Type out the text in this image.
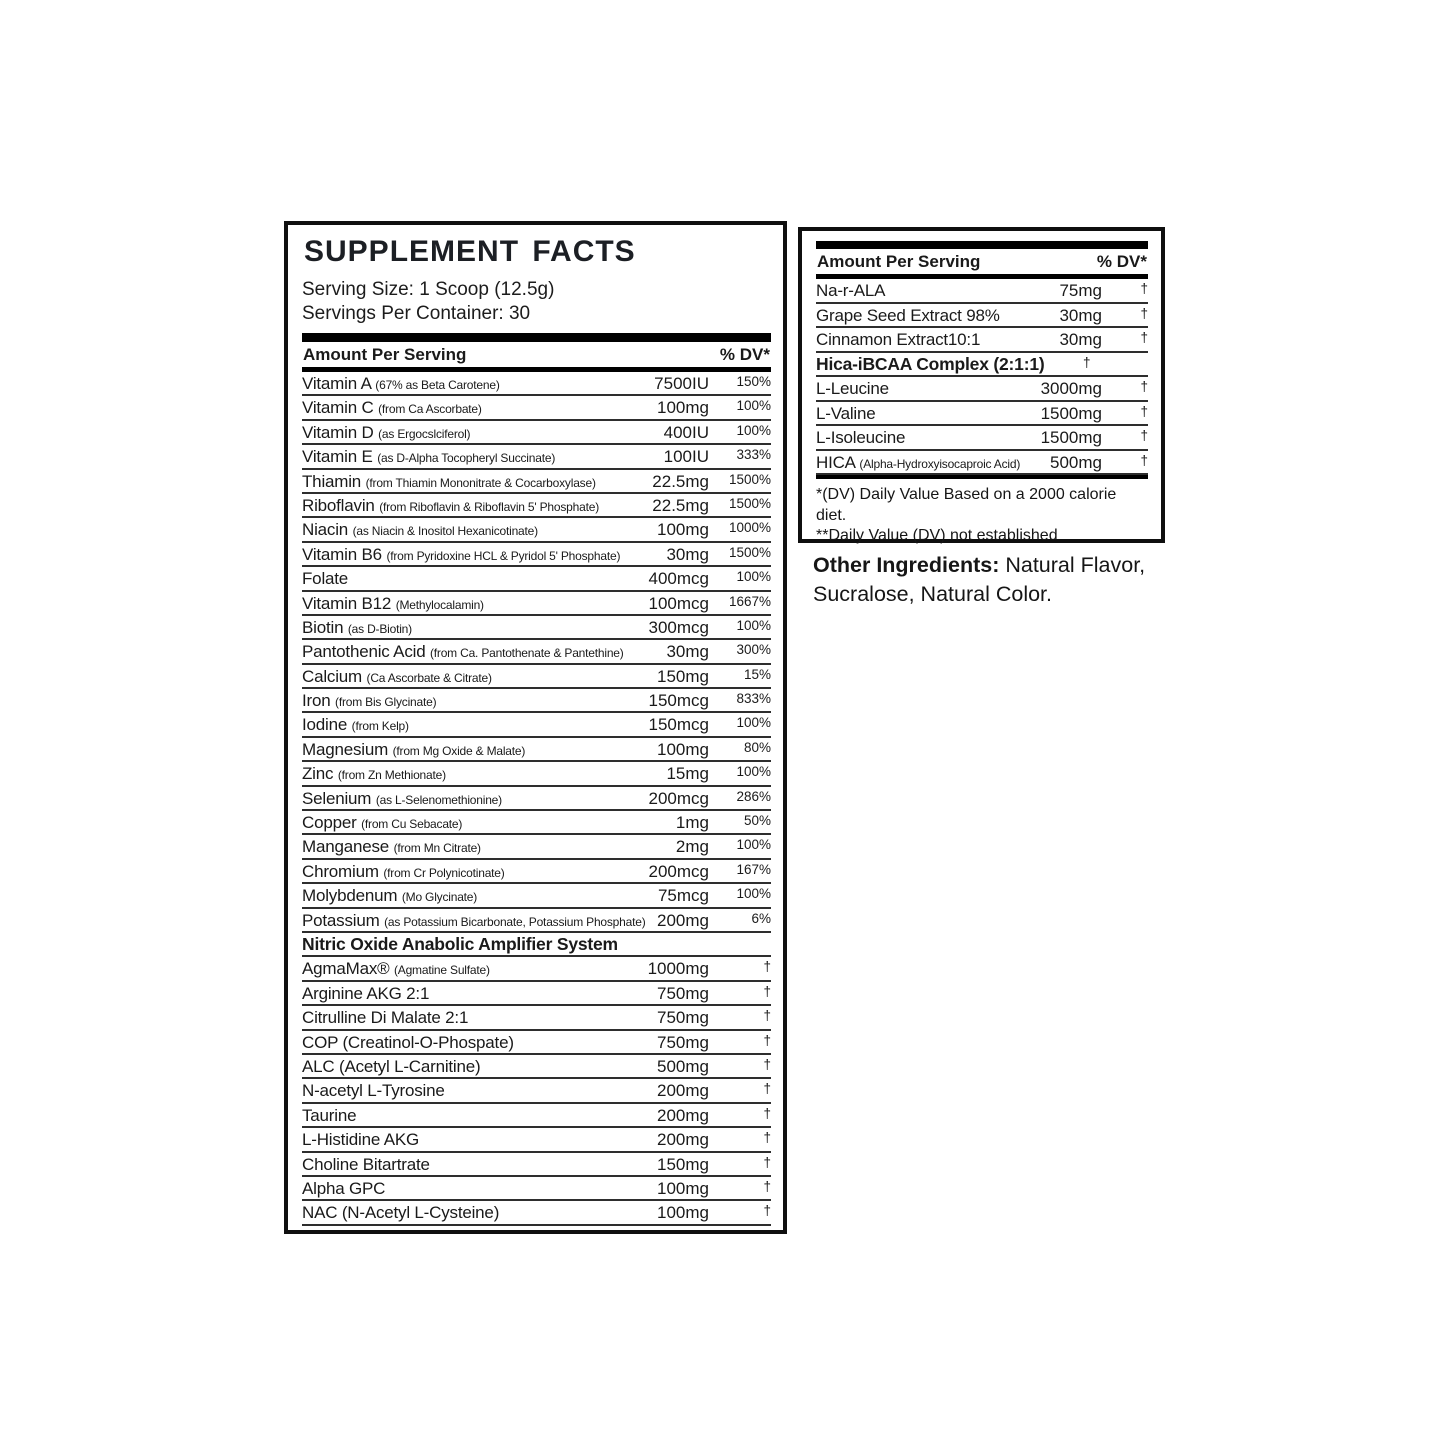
SUPPLEMENT FACTS
Serving Size: 1 Scoop (12.5g)
Servings Per Container: 30
Amount Per Serving	% DV*
Vitamin A (67% as Beta Carotene)	7500IU	150%
Vitamin C (from Ca Ascorbate)	100mg	100%
Vitamin D (as Ergocslciferol)	400IU	100%
Vitamin E (as D-Alpha Tocopheryl Succinate)	100IU	333%
Thiamin (from Thiamin Mononitrate & Cocarboxylase)	22.5mg	1500%
Riboflavin (from Riboflavin & Riboflavin 5' Phosphate)	22.5mg	1500%
Niacin (as Niacin & Inositol Hexanicotinate)	100mg	1000%
Vitamin B6 (from Pyridoxine HCL & Pyridol 5' Phosphate)	30mg	1500%
Folate	400mcg	100%
Vitamin B12 (Methylocalamin)	100mcg	1667%
Biotin (as D-Biotin)	300mcg	100%
Pantothenic Acid (from Ca. Pantothenate & Pantethine)	30mg	300%
Calcium (Ca Ascorbate & Citrate)	150mg	15%
Iron (from Bis Glycinate)	150mcg	833%
Iodine (from Kelp)	150mcg	100%
Magnesium (from Mg Oxide & Malate)	100mg	80%
Zinc (from Zn Methionate)	15mg	100%
Selenium (as L-Selenomethionine)	200mcg	286%
Copper (from Cu Sebacate)	1mg	50%
Manganese (from Mn Citrate)	2mg	100%
Chromium (from Cr Polynicotinate)	200mcg	167%
Molybdenum (Mo Glycinate)	75mcg	100%
Potassium (as Potassium Bicarbonate, Potassium Phosphate) 200mg	6%
Nitric Oxide Anabolic Amplifier System
AgmaMax® (Agmatine Sulfate)	1000mg	†
Arginine AKG 2:1	750mg	†
Citrulline Di Malate 2:1	750mg	†
COP (Creatinol-O-Phospate)	750mg	†
ALC (Acetyl L-Carnitine)	500mg	†
N-acetyl L-Tyrosine	200mg	†
Taurine	200mg	†
L-Histidine AKG	200mg	†
Choline Bitartrate	150mg	†
Alpha GPC	100mg	†
NAC (N-Acetyl L-Cysteine)	100mg	†
Amount Per Serving	% DV*
Na-r-ALA	75mg	†
Grape Seed Extract 98%	30mg	†
Cinnamon Extract10:1	30mg	†
Hica-iBCAA Complex (2:1:1)	†
L-Leucine	3000mg	†
L-Valine	1500mg	†
L-Isoleucine	1500mg	†
HICA (Alpha-Hydroxyisocaproic Acid)	500mg	†
*(DV) Daily Value Based on a 2000 calorie diet.
**Daily Value (DV) not established
Other Ingredients: Natural Flavor, Sucralose, Natural Color.
